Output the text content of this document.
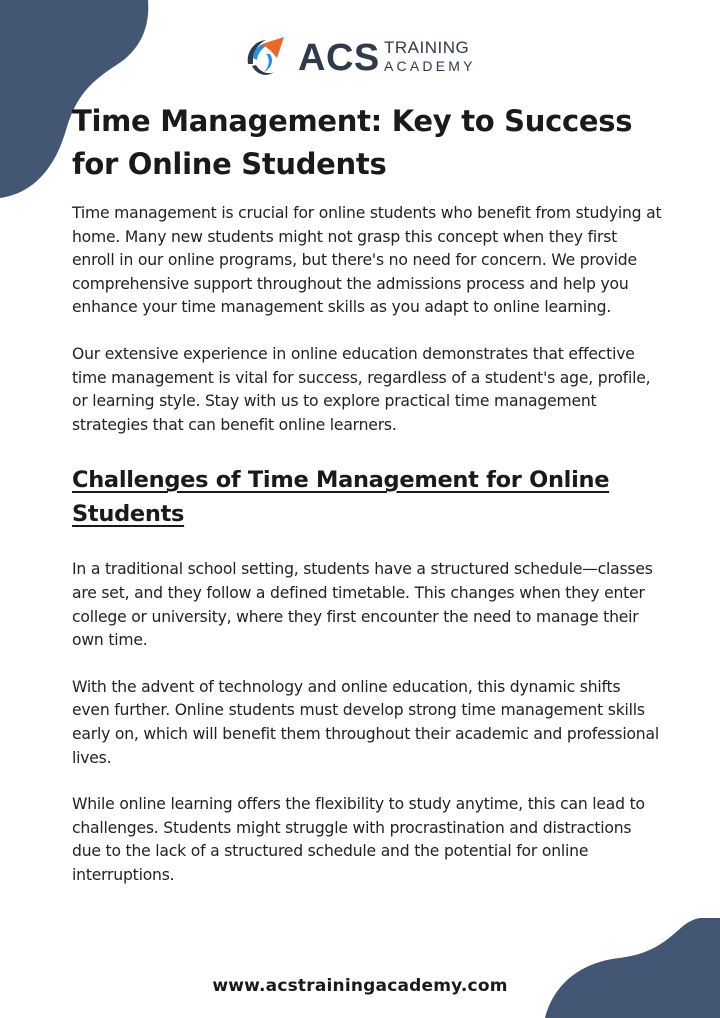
ACS TRAINING
ACADEMY
Time Management: Key to Success for Online Students

Time management is crucial for online students who benefit from studying at home. Many new students might not grasp this concept when they first enroll in our online programs, but there's no need for concern. We provide comprehensive support throughout the admissions process and help you enhance your time management skills as you adapt to online learning.

Our extensive experience in online education demonstrates that effective time management is vital for success, regardless of a student's age, profile, or learning style. Stay with us to explore practical time management strategies that can benefit online learners.

Challenges of Time Management for Online Students

In a traditional school setting, students have a structured schedule—classes are set, and they follow a defined timetable. This changes when they enter college or university, where they first encounter the need to manage their own time.

With the advent of technology and online education, this dynamic shifts even further. Online students must develop strong time management skills early on, which will benefit them throughout their academic and professional lives.

While online learning offers the flexibility to study anytime, this can lead to challenges. Students might struggle with procrastination and distractions due to the lack of a structured schedule and the potential for online interruptions.

www.acstrainingacademy.com
